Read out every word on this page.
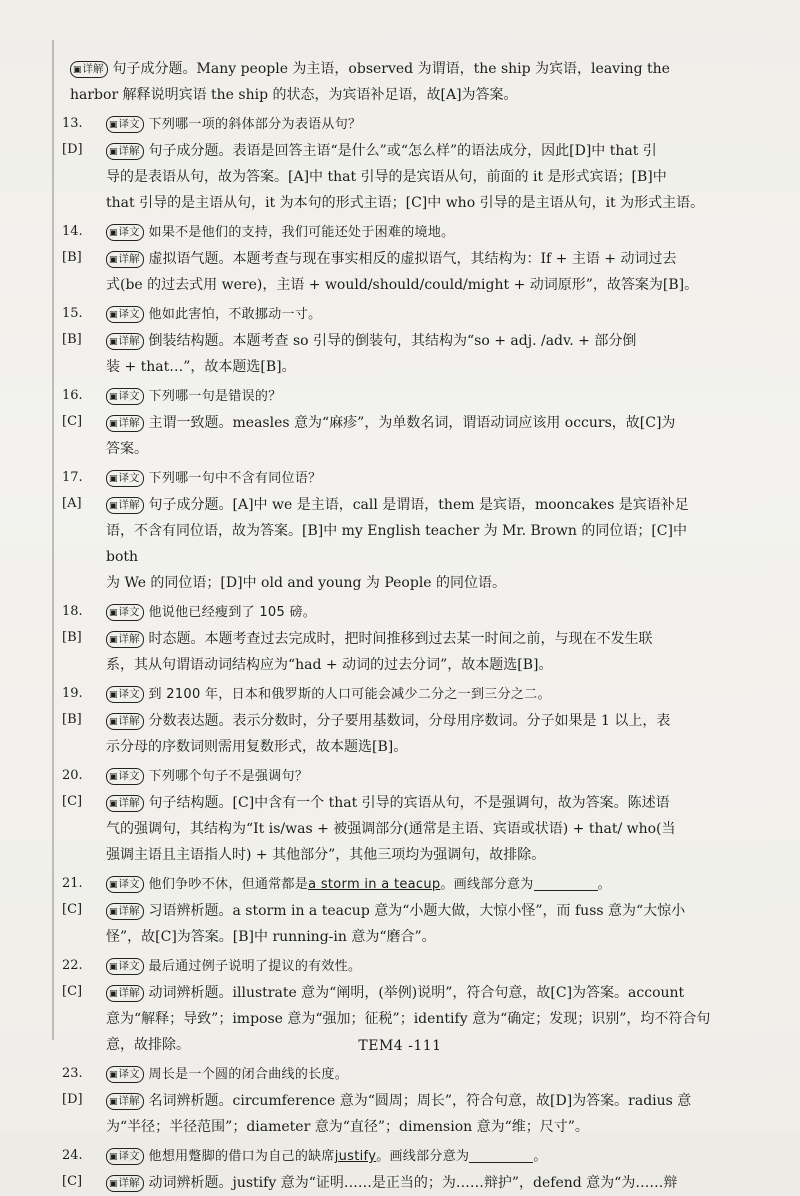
▣详解 句子成分题。Many people 为主语，observed 为谓语，the ship 为宾语，leaving the

harbor 解释说明宾语 the ship 的状态，为宾语补足语，故[A]为答案。

13. [D]

▣译文 下列哪一项的斜体部分为表语从句？

▣详解 句子成分题。表语是回答主语“是什么”或“怎么样”的语法成分，因此[D]中 that 引

导的是表语从句，故为答案。[A]中 that 引导的是宾语从句，前面的 it 是形式宾语；[B]中

that 引导的是主语从句，it 为本句的形式主语；[C]中 who 引导的是主语从句，it 为形式主语。

14. [B]

▣译文 如果不是他们的支持，我们可能还处于困难的境地。

▣详解 虚拟语气题。本题考查与现在事实相反的虚拟语气，其结构为：If + 主语 + 动词过去

式(be 的过去式用 were)，主语 + would/should/could/might + 动词原形”，故答案为[B]。

15. [B]

▣译文 他如此害怕，不敢挪动一寸。

▣详解 倒装结构题。本题考查 so 引导的倒装句，其结构为“so + adj. /adv. + 部分倒

装 + that…”，故本题选[B]。

16. [C]

▣译文 下列哪一句是错误的？

▣详解 主谓一致题。measles 意为“麻疹”，为单数名词，谓语动词应该用 occurs，故[C]为

答案。

17. [A]

▣译文 下列哪一句中不含有同位语？

▣详解 句子成分题。[A]中 we 是主语，call 是谓语，them 是宾语，mooncakes 是宾语补足

语，不含有同位语，故为答案。[B]中 my English teacher 为 Mr. Brown 的同位语；[C]中 both

为 We 的同位语；[D]中 old and young 为 People 的同位语。

18. [B]

▣译文 他说他已经瘦到了 105 磅。

▣详解 时态题。本题考查过去完成时，把时间推移到过去某一时间之前，与现在不发生联

系，其从句谓语动词结构应为“had + 动词的过去分词”，故本题选[B]。

19. [B]

▣译文 到 2100 年，日本和俄罗斯的人口可能会减少二分之一到三分之二。

▣详解 分数表达题。表示分数时，分子要用基数词，分母用序数词。分子如果是 1 以上，表

示分母的序数词则需用复数形式，故本题选[B]。

20. [C]

▣译文 下列哪个句子不是强调句？

▣详解 句子结构题。[C]中含有一个 that 引导的宾语从句，不是强调句，故为答案。陈述语

气的强调句，其结构为“It is/was + 被强调部分(通常是主语、宾语或状语) + that/ who(当

强调主语且主语指人时) + 其他部分”，其他三项均为强调句，故排除。

21. [C]

▣译文 他们争吵不休，但通常都是a storm in a teacup。画线部分意为	。

▣详解 习语辨析题。a storm in a teacup 意为“小题大做，大惊小怪”，而 fuss 意为“大惊小

怪”，故[C]为答案。[B]中 running-in 意为“磨合”。

22. [C]

▣译文 最后通过例子说明了提议的有效性。

▣详解 动词辨析题。illustrate 意为“阐明，(举例)说明”，符合句意，故[C]为答案。account

意为“解释；导致”；impose 意为“强加；征税”；identify 意为“确定；发现；识别”，均不符合句

意，故排除。

23. [D]

▣译文 周长是一个圆的闭合曲线的长度。

▣详解 名词辨析题。circumference 意为“圆周；周长”，符合句意，故[D]为答案。radius 意

为“半径；半径范围”；diameter 意为“直径”；dimension 意为“维；尺寸”。

24. [C]

▣译文 他想用蹩脚的借口为自己的缺席justify。画线部分意为	。

▣详解 动词辨析题。justify 意为“证明……是正当的；为……辩护”，defend 意为“为……辩

TEM4 -111
